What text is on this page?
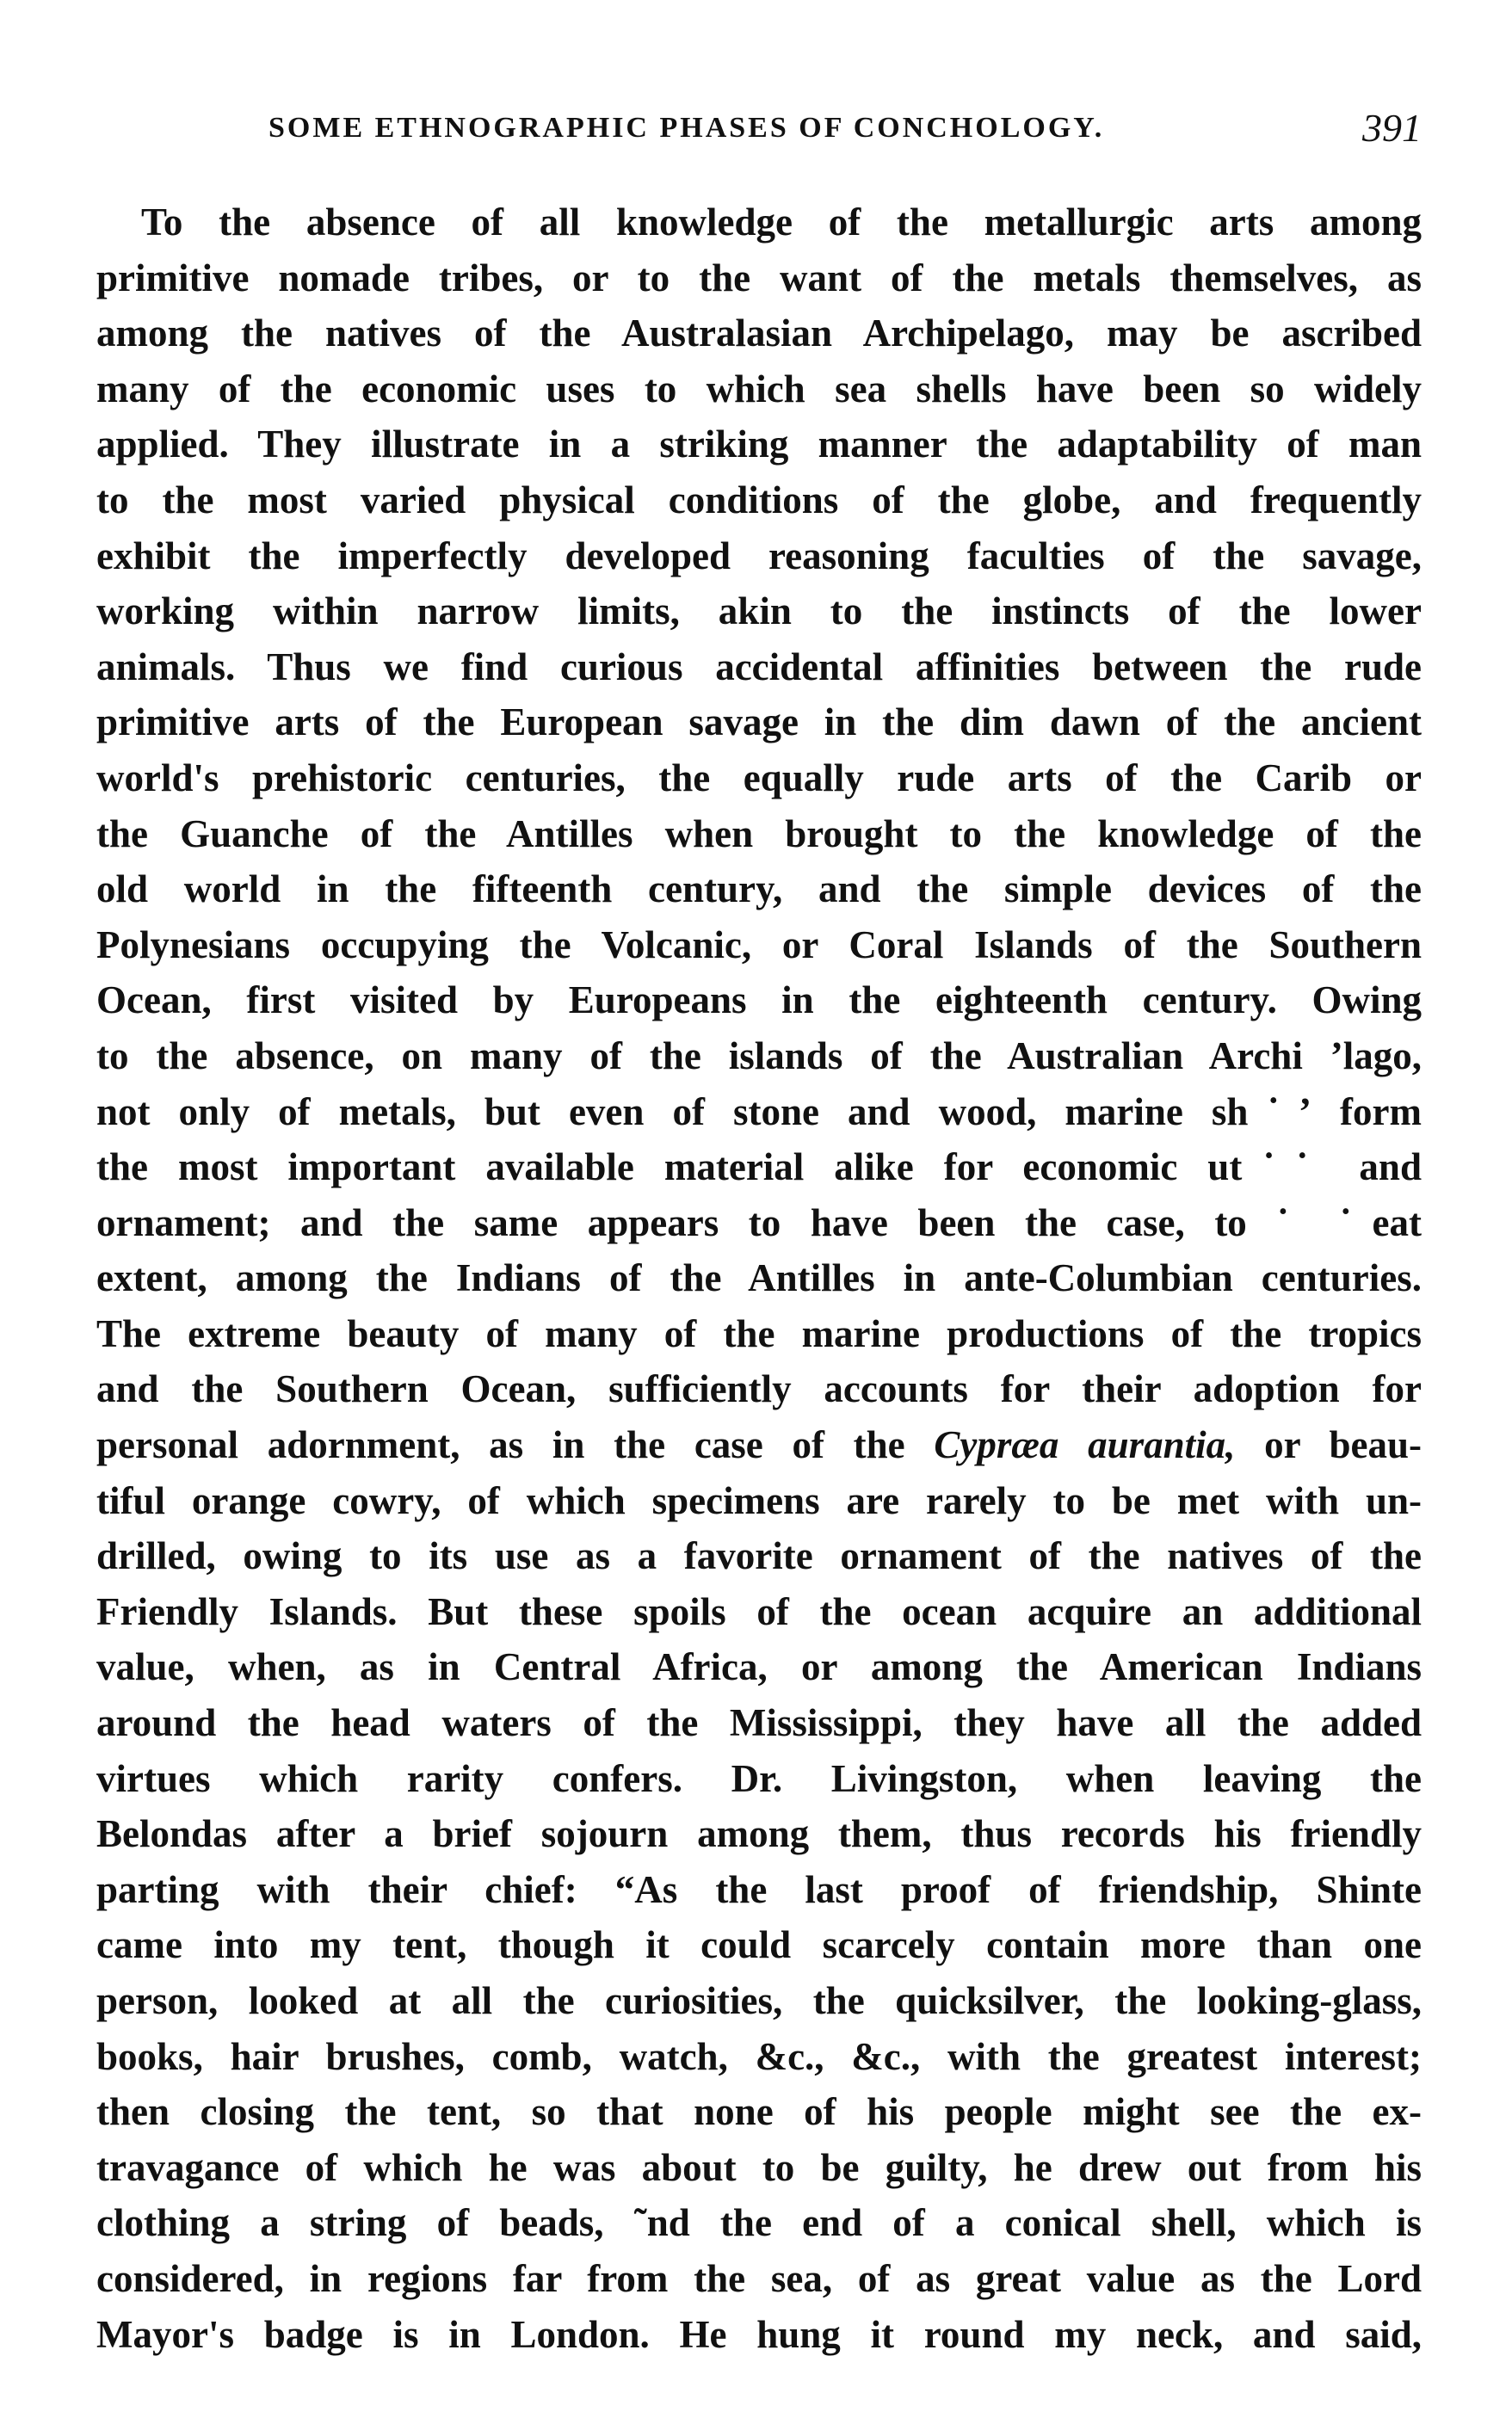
SOME ETHNOGRAPHIC PHASES OF CONCHOLOGY.	391
To the absence of all knowledge of the metallurgic arts among
primitive nomade tribes, or to the want of the metals themselves, as
among the natives of the Australasian Archipelago, may be ascribed
many of the economic uses to which sea shells have been so widely
applied. They illustrate in a striking manner the adaptability of man
to the most varied physical conditions of the globe, and frequently
exhibit the imperfectly developed reasoning faculties of the savage,
working within narrow limits, akin to the instincts of the lower
animals. Thus we find curious accidental affinities between the rude
primitive arts of the European savage in the dim dawn of the ancient
world's prehistoric centuries, the equally rude arts of the Carib or
the Guanche of the Antilles when brought to the knowledge of the
old world in the fifteenth century, and the simple devices of the
Polynesians occupying the Volcanic, or Coral Islands of the Southern
Ocean, first visited by Europeans in the eighteenth century. Owing
to the absence, on many of the islands of the Australian Archi ʼlago,
not only of metals, but even of stone and wood, marine sh˙ʼ form
the most important available material alike for economic ut˙˙ and
ornament; and the same appears to have been the case, to ˙ ˙eat
extent, among the Indians of the Antilles in ante-Columbian centuries.
The extreme beauty of many of the marine productions of the tropics
and the Southern Ocean, sufficiently accounts for their adoption for
personal adornment, as in the case of the Cypræa aurantia, or beau-
tiful orange cowry, of which specimens are rarely to be met with un-
drilled, owing to its use as a favorite ornament of the natives of the
Friendly Islands. But these spoils of the ocean acquire an additional
value, when, as in Central Africa, or among the American Indians
around the head waters of the Mississippi, they have all the added
virtues which rarity confers. Dr. Livingston, when leaving the
Belondas after a brief sojourn among them, thus records his friendly
parting with their chief: “As the last proof of friendship, Shinte
came into my tent, though it could scarcely contain more than one
person, looked at all the curiosities, the quicksilver, the looking-glass,
books, hair brushes, comb, watch, &c., &c., with the greatest interest;
then closing the tent, so that none of his people might see the ex-
travagance of which he was about to be guilty, he drew out from his
clothing a string of beads, ˜nd the end of a conical shell, which is
considered, in regions far from the sea, of as great value as the Lord
Mayor's badge is in London. He hung it round my neck, and said,
